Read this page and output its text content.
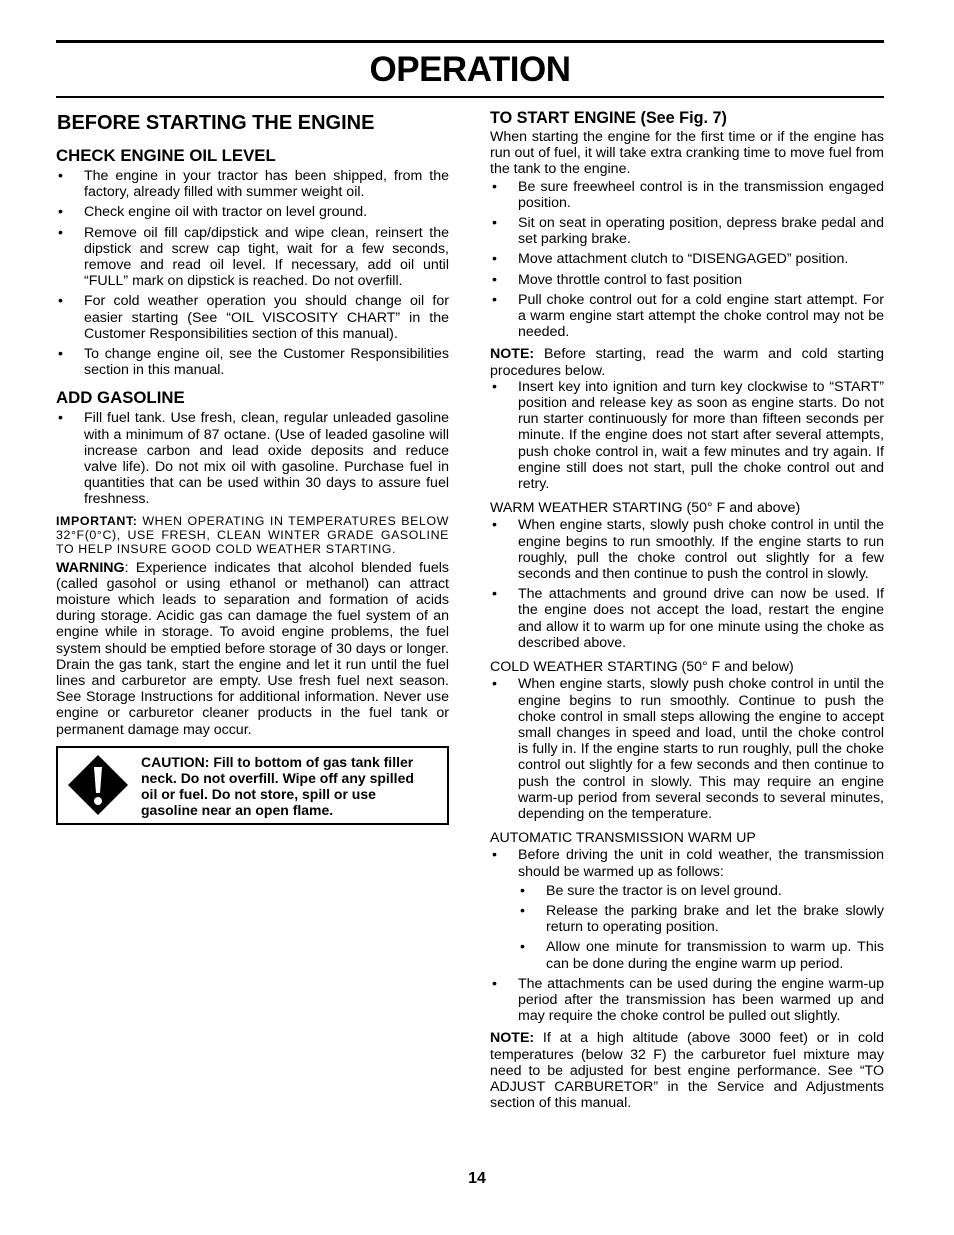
OPERATION
BEFORE STARTING THE ENGINE
CHECK ENGINE OIL LEVEL
• The engine in your tractor has been shipped, from the factory, already filled with summer weight oil.
• Check engine oil with tractor on level ground.
• Remove oil fill cap/dipstick and wipe clean, reinsert the dipstick and screw cap tight, wait for a few seconds, remove and read oil level. If necessary, add oil until “FULL” mark on dipstick is reached. Do not overfill.
• For cold weather operation you should change oil for easier starting (See “OIL VISCOSITY CHART” in the Customer Responsibilities section of this manual).
• To change engine oil, see the Customer Responsibilities section in this manual.
ADD GASOLINE
• Fill fuel tank. Use fresh, clean, regular unleaded gasoline with a minimum of 87 octane. (Use of leaded gasoline will increase carbon and lead oxide deposits and reduce valve life). Do not mix oil with gasoline. Purchase fuel in quantities that can be used within 30 days to assure fuel freshness.
IMPORTANT: WHEN OPERATING IN TEMPERATURES BELOW 32°F(0°C), USE FRESH, CLEAN WINTER GRADE GASOLINE TO HELP INSURE GOOD COLD WEATHER STARTING.

WARNING: Experience indicates that alcohol blended fuels (called gasohol or using ethanol or methanol) can attract moisture which leads to separation and formation of acids during storage. Acidic gas can damage the fuel system of an engine while in storage. To avoid engine problems, the fuel system should be emptied before storage of 30 days or longer. Drain the gas tank, start the engine and let it run until the fuel lines and carburetor are empty. Use fresh fuel next season. See Storage Instructions for additional information. Never use engine or carburetor cleaner products in the fuel tank or permanent damage may occur.

CAUTION: Fill to bottom of gas tank filler neck. Do not overfill. Wipe off any spilled oil or fuel. Do not store, spill or use gasoline near an open flame.
TO START ENGINE (See Fig. 7)

When starting the engine for the first time or if the engine has run out of fuel, it will take extra cranking time to move fuel from the tank to the engine.

• Be sure freewheel control is in the transmission engaged position.
• Sit on seat in operating position, depress brake pedal and set parking brake.
• Move attachment clutch to “DISENGAGED” position.
• Move throttle control to fast position
• Pull choke control out for a cold engine start attempt. For a warm engine start attempt the choke control may not be needed.

NOTE: Before starting, read the warm and cold starting procedures below.

• Insert key into ignition and turn key clockwise to “START” position and release key as soon as engine starts. Do not run starter continuously for more than fifteen seconds per minute. If the engine does not start after several attempts, push choke control in, wait a few minutes and try again. If engine still does not start, pull the choke control out and retry.
WARM WEATHER STARTING (50° F and above)
• When engine starts, slowly push choke control in until the engine begins to run smoothly. If the engine starts to run roughly, pull the choke control out slightly for a few seconds and then continue to push the control in slowly.
• The attachments and ground drive can now be used. If the engine does not accept the load, restart the engine and allow it to warm up for one minute using the choke as described above.
COLD WEATHER STARTING (50° F and below)
• When engine starts, slowly push choke control in until the engine begins to run smoothly. Continue to push the choke control in small steps allowing the engine to accept small changes in speed and load, until the choke control is fully in. If the engine starts to run roughly, pull the choke control out slightly for a few seconds and then continue to push the control in slowly. This may require an engine warm-up period from several seconds to several minutes, depending on the temperature.
AUTOMATIC TRANSMISSION WARM UP
• Before driving the unit in cold weather, the transmission should be warmed up as follows:
• Be sure the tractor is on level ground.
• Release the parking brake and let the brake slowly return to operating position.
• Allow one minute for transmission to warm up. This can be done during the engine warm up period.
• The attachments can be used during the engine warm-up period after the transmission has been warmed up and may require the choke control be pulled out slightly.

NOTE: If at a high altitude (above 3000 feet) or in cold temperatures (below 32 F) the carburetor fuel mixture may need to be adjusted for best engine performance. See “TO ADJUST CARBURETOR” in the Service and Adjustments section of this manual.

14
